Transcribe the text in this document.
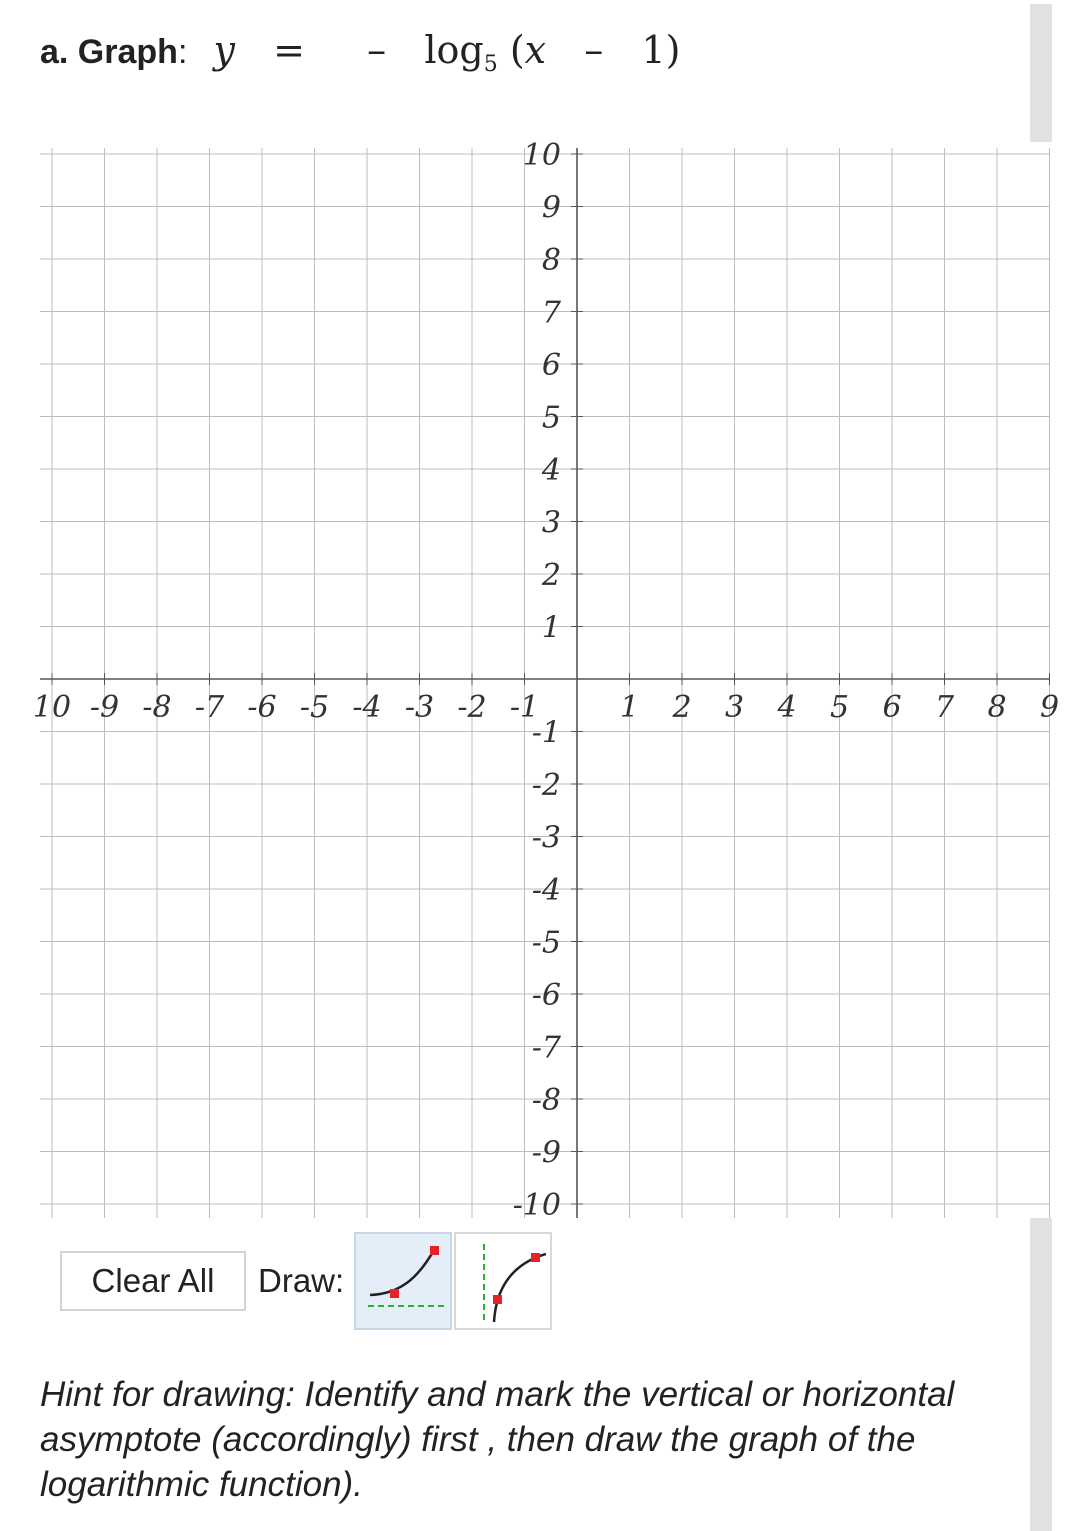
a. Graph: y = – $\log_5 (x - 1)$
10 -9 -8 -7 -6 -5 -4 -3 -2 -1	1 2 3 4 5 6 7 8 9
10
9
8
7
6
5
4
3
2
1
-1
-2
-3
-4
-5
-6
-7
-8
-9
-10
Clear All	Draw:
Hint for drawing: Identify and mark the vertical or horizontal asymptote (accordingly) first , then draw the graph of the logarithmic function).
